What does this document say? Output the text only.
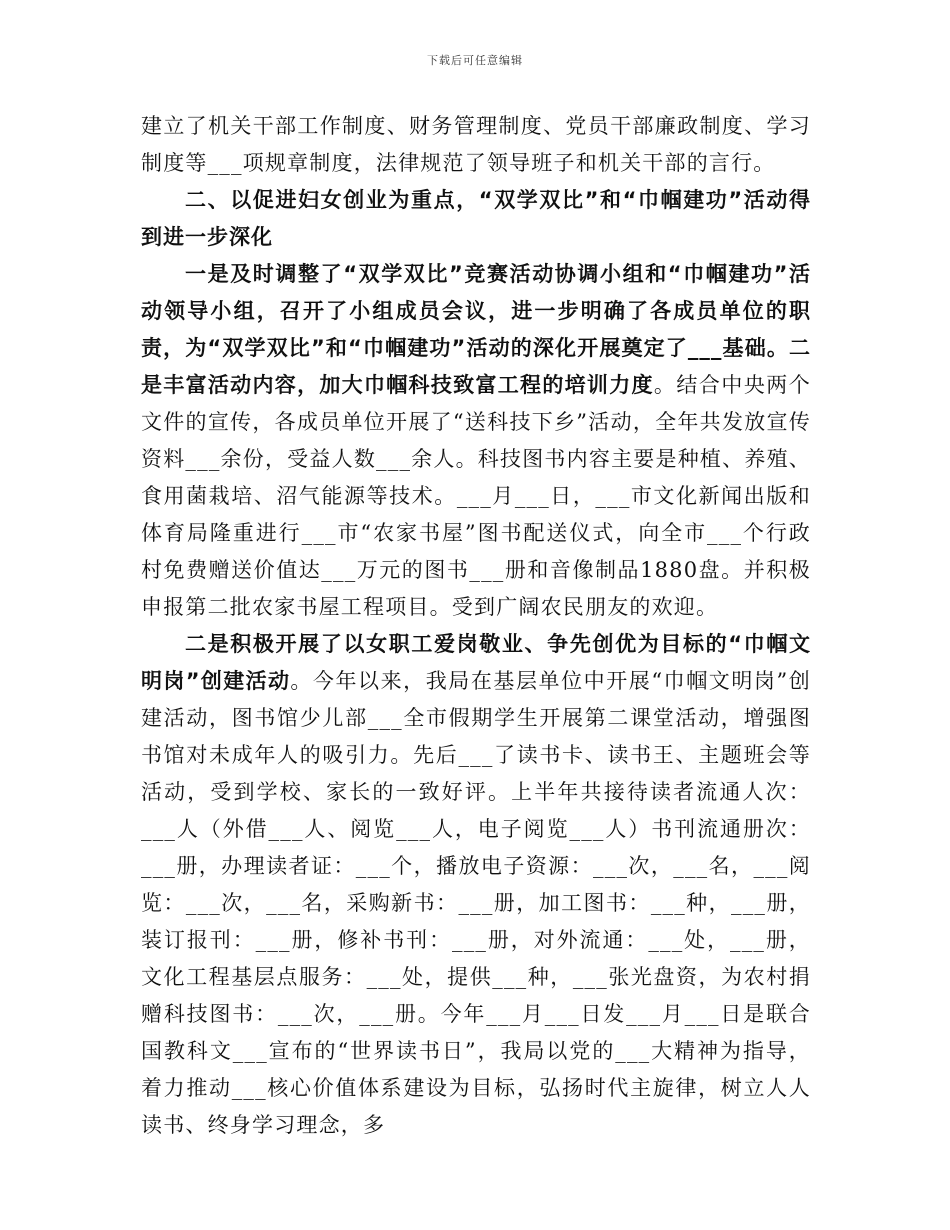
下载后可任意编辑

建立了机关干部工作制度、财务管理制度、党员干部廉政制度、学习制度等___项规章制度，法律规范了领导班子和机关干部的言行。

二、以促进妇女创业为重点，“双学双比”和“巾帼建功”活动得到进一步深化

一是及时调整了“双学双比”竞赛活动协调小组和“巾帼建功”活动领导小组，召开了小组成员会议，进一步明确了各成员单位的职责，为“双学双比”和“巾帼建功”活动的深化开展奠定了___基础。二是丰富活动内容，加大巾帼科技致富工程的培训力度。结合中央两个文件的宣传，各成员单位开展了“送科技下乡”活动，全年共发放宣传资料___余份，受益人数___余人。科技图书内容主要是种植、养殖、食用菌栽培、沼气能源等技术。___月___日，___市文化新闻出版和体育局隆重进行___市“农家书屋”图书配送仪式，向全市___个行政村免费赠送价值达___万元的图书___册和音像制品1880盘。并积极申报第二批农家书屋工程项目。受到广阔农民朋友的欢迎。

二是积极开展了以女职工爱岗敬业、争先创优为目标的“巾帼文明岗”创建活动。今年以来，我局在基层单位中开展“巾帼文明岗”创建活动，图书馆少儿部___全市假期学生开展第二课堂活动，增强图书馆对未成年人的吸引力。先后___了读书卡、读书王、主题班会等活动，受到学校、家长的一致好评。上半年共接待读者流通人次：___人（外借___人、阅览___人，电子阅览___人）书刊流通册次：___册，办理读者证：___个，播放电子资源：___次，___名，___阅览：___次，___名，采购新书：___册，加工图书：___种，___册，装订报刊：___册，修补书刊：___册，对外流通：___处，___册，文化工程基层点服务：___处，提供___种，___张光盘资，为农村捐赠科技图书：___次，___册。今年___月___日发___月___日是联合国教科文___宣布的“世界读书日”，我局以党的___大精神为指导，着力推动___核心价值体系建设为目标，弘扬时代主旋律，树立人人读书、终身学习理念，多
